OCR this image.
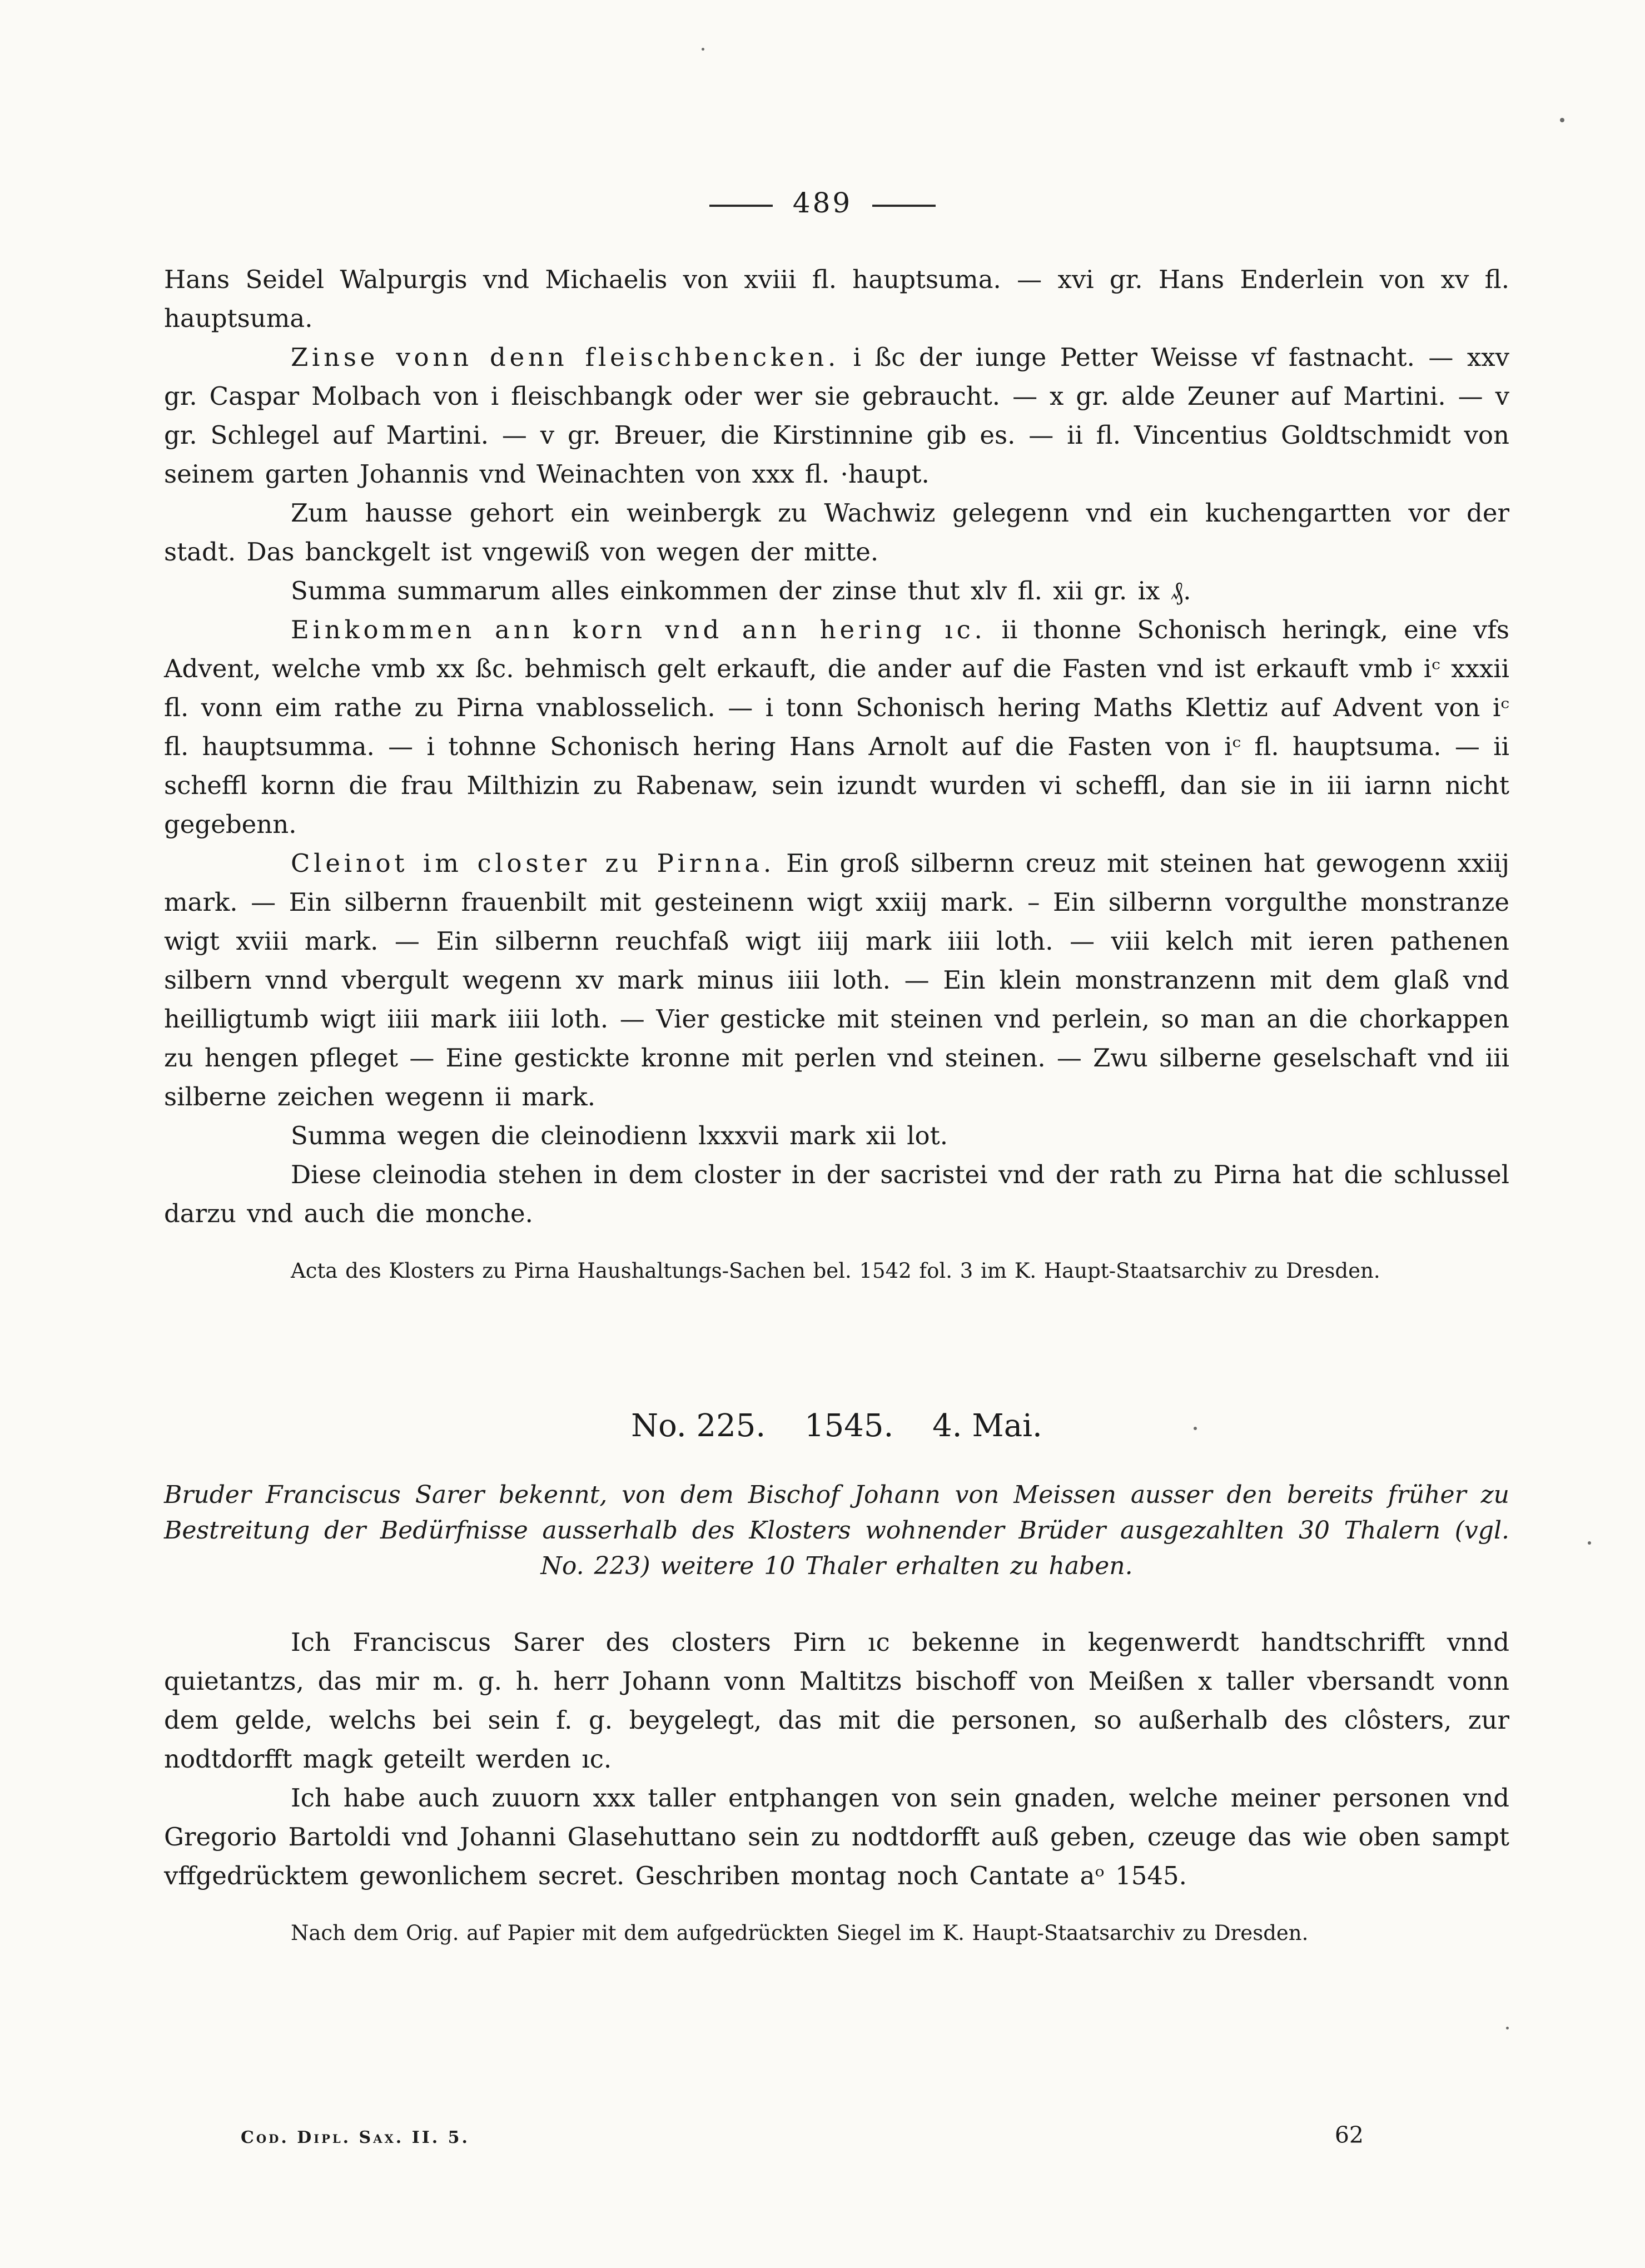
489

Hans Seidel Walpurgis vnd Michaelis von xviii fl. hauptsuma. — xvi gr. Hans Enderlein von xv fl. hauptsuma.

Zinse vonn denn fleischbencken. i ßc der iunge Petter Weisse vf fastnacht. — xxv gr. Caspar Molbach von i fleischbangk oder wer sie gebraucht. — x gr. alde Zeuner auf Martini. — v gr. Schlegel auf Martini. — v gr. Breuer, die Kirstinnine gib es. — ii fl. Vincentius Goldtschmidt von seinem garten Johannis vnd Weinachten von xxx fl. ·haupt.

Zum hausse gehort ein weinbergk zu Wachwiz gelegenn vnd ein kuchengartten vor der stadt. Das banckgelt ist vngewiß von wegen der mitte.

Summa summarum alles einkommen der zinse thut xlv fl. xii gr. ix ₰.

Einkommen ann korn vnd ann hering ıc. ii thonne Schonisch heringk, eine vfs Advent, welche vmb xx ßc. behmisch gelt erkauft, die ander auf die Fasten vnd ist erkauft vmb iᶜ xxxii fl. vonn eim rathe zu Pirna vnablosselich. — i tonn Schonisch hering Maths Klettiz auf Advent von iᶜ fl. hauptsumma. — i tohnne Schonisch hering Hans Arnolt auf die Fasten von iᶜ fl. hauptsuma. — ii scheffl kornn die frau Milthizin zu Rabenaw, sein izundt wurden vi scheffl, dan sie in iii iarnn nicht gegebenn.

Cleinot im closter zu Pirnna. Ein groß silbernn creuz mit steinen hat gewogenn xxiij mark. — Ein silbernn frauenbilt mit gesteinenn wigt xxiij mark. – Ein silbernn vorgulthe monstranze wigt xviii mark. — Ein silbernn reuchfaß wigt iiij mark iiii loth. — viii kelch mit ieren pathenen silbern vnnd vbergult wegenn xv mark minus iiii loth. — Ein klein monstranzenn mit dem glaß vnd heilligtumb wigt iiii mark iiii loth. — Vier gesticke mit steinen vnd perlein, so man an die chorkappen zu hengen pfleget — Eine gestickte kronne mit perlen vnd steinen. — Zwu silberne geselschaft vnd iii silberne zeichen wegenn ii mark.

Summa wegen die cleinodienn lxxxvii mark xii lot.

Diese cleinodia stehen in dem closter in der sacristei vnd der rath zu Pirna hat die schlussel darzu vnd auch die monche.

Acta des Klosters zu Pirna Haushaltungs-Sachen bel. 1542 fol. 3 im K. Haupt-Staatsarchiv zu Dresden.

No. 225. 1545. 4. Mai.

Bruder Franciscus Sarer bekennt, von dem Bischof Johann von Meissen ausser den bereits früher zu Bestreitung der Bedürfnisse ausserhalb des Klosters wohnender Brüder ausgezahlten 30 Thalern (vgl. No. 223) weitere 10 Thaler erhalten zu haben.

Ich Franciscus Sarer des closters Pirn ıc bekenne in kegenwerdt handtschrifft vnnd quietantzs, das mir m. g. h. herr Johann vonn Maltitzs bischoff von Meißen x taller vbersandt vonn dem gelde, welchs bei sein f. g. beygelegt, das mit die personen, so außerhalb des clôsters, zur nodtdorfft magk geteilt werden ıc.

Ich habe auch zuuorn xxx taller entphangen von sein gnaden, welche meiner personen vnd Gregorio Bartoldi vnd Johanni Glasehuttano sein zu nodtdorfft auß geben, czeuge das wie oben sampt vffgedrücktem gewonlichem secret. Geschriben montag noch Cantate aᵒ 1545.

Nach dem Orig. auf Papier mit dem aufgedrückten Siegel im K. Haupt-Staatsarchiv zu Dresden.

Cod. Dipl. Sax. II. 5.	62
